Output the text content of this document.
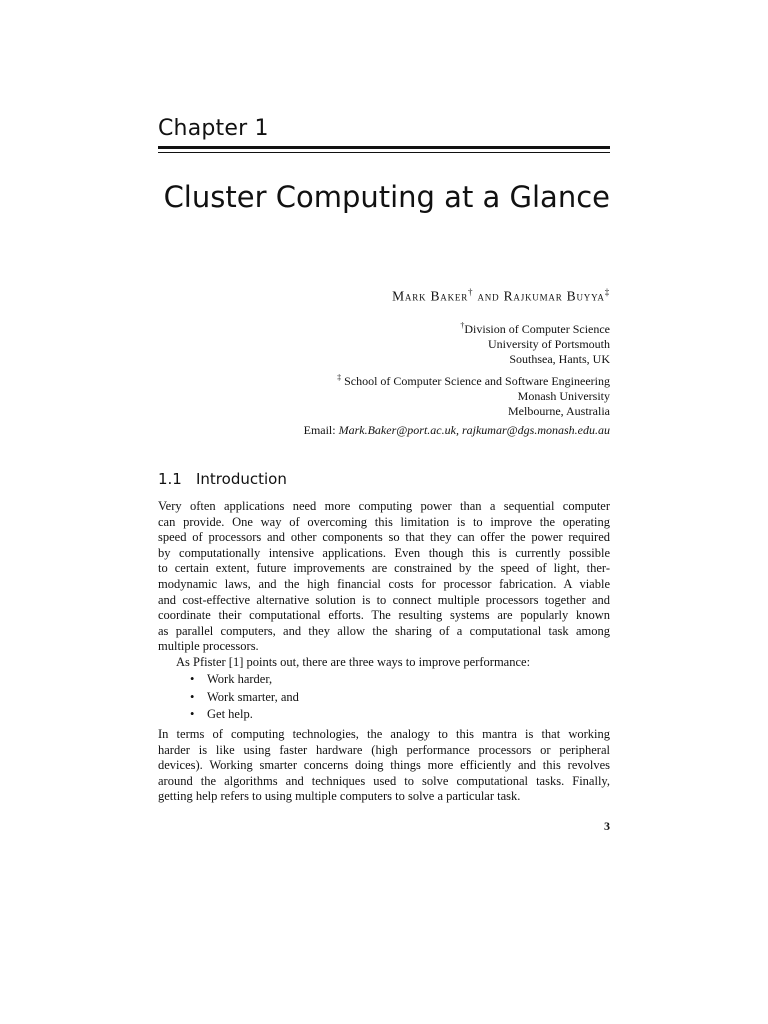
Chapter 1
Cluster Computing at a Glance
Mark Baker† and Rajkumar Buyya‡
†Division of Computer Science
University of Portsmouth
Southsea, Hants, UK
‡ School of Computer Science and Software Engineering
Monash University
Melbourne, Australia
Email: Mark.Baker@port.ac.uk, rajkumar@dgs.monash.edu.au
1.1 Introduction
Very often applications need more computing power than a sequential computer
can provide. One way of overcoming this limitation is to improve the operating
speed of processors and other components so that they can offer the power required
by computationally intensive applications. Even though this is currently possible
to certain extent, future improvements are constrained by the speed of light, ther-
modynamic laws, and the high financial costs for processor fabrication. A viable
and cost-effective alternative solution is to connect multiple processors together and
coordinate their computational efforts. The resulting systems are popularly known
as parallel computers, and they allow the sharing of a computational task among
multiple processors.
As Pfister [1] points out, there are three ways to improve performance:
• Work harder,
• Work smarter, and
• Get help.
In terms of computing technologies, the analogy to this mantra is that working
harder is like using faster hardware (high performance processors or peripheral
devices). Working smarter concerns doing things more efficiently and this revolves
around the algorithms and techniques used to solve computational tasks. Finally,
getting help refers to using multiple computers to solve a particular task.
3
